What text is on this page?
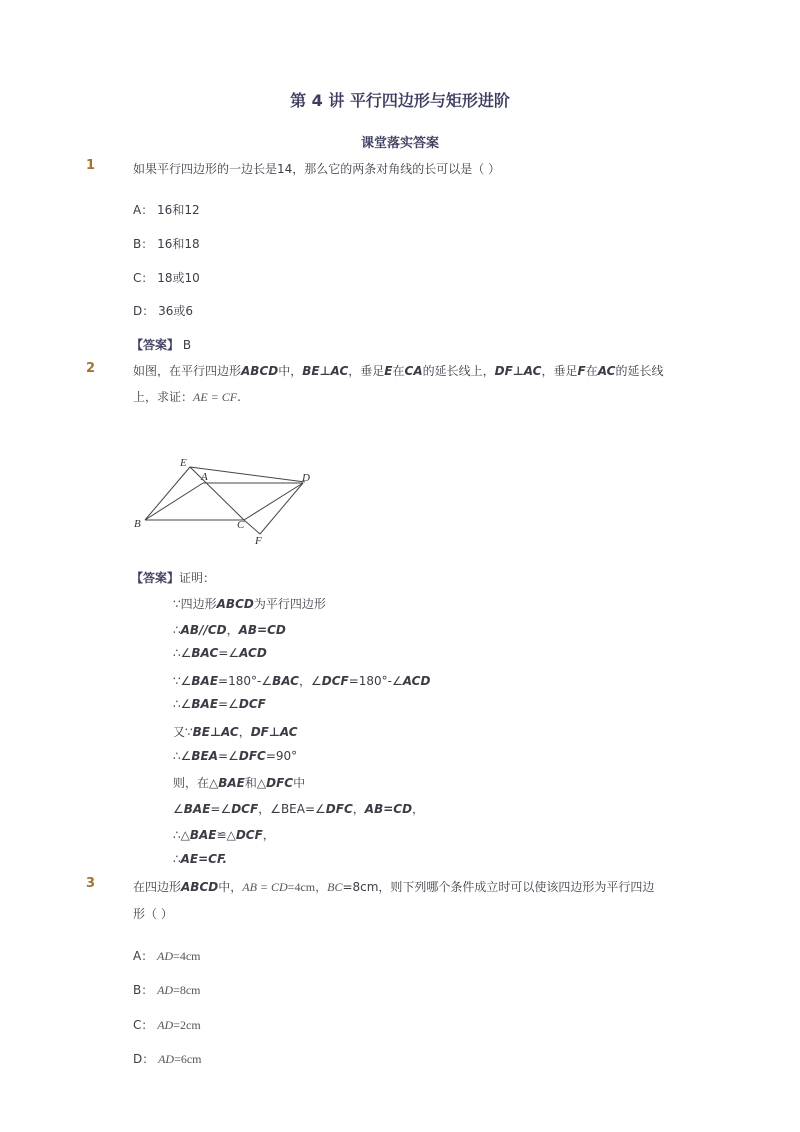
第 4 讲 平行四边形与矩形进阶
课堂落实答案
1	如果平行四边形的一边长是14，那么它的两条对角线的长可以是（ ）
A： 16和12
B： 16和18
C： 18或10
D： 36或6
【答案】 B
2	如图，在平行四边形ABCD中，BE⊥AC，垂足E在CA的延长线上，DF⊥AC，垂足F在AC的延长线
上，求证：AE = CF.
E
A	D
B	C
F
【答案】证明：
∵四边形ABCD为平行四边形
∴AB//CD，AB=CD
∴∠BAC=∠ACD
∵∠BAE=180°-∠BAC，∠DCF=180°-∠ACD
∴∠BAE=∠DCF
又∵BE⊥AC，DF⊥AC
∴∠BEA=∠DFC=90°
则，在△BAE和△DFC中
∠BAE=∠DCF，∠BEA=∠DFC，AB=CD，
∴△BAE≌△DCF，
∴AE=CF.
3	在四边形ABCD中，AB = CD=4cm，BC=8cm，则下列哪个条件成立时可以使该四边形为平行四边
形（ ）
A： AD=4cm
B： AD=8cm
C： AD=2cm
D： AD=6cm
